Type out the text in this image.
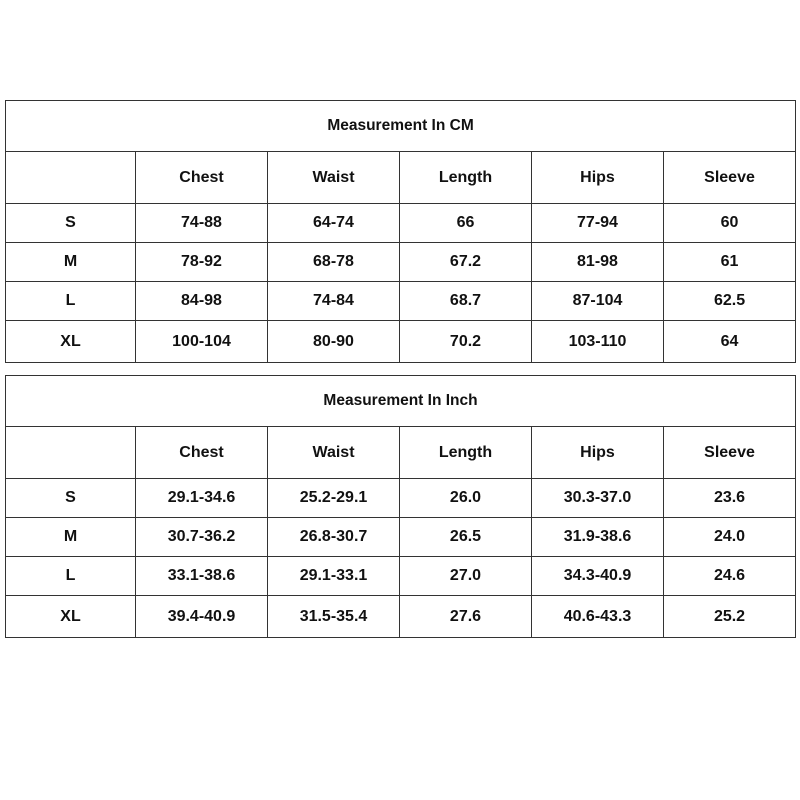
Measurement In CM					
	Chest	Waist	Length	Hips	Sleeve
S	74-88	64-74	66	77-94	60
M	78-92	68-78	67.2	81-98	61
L	84-98	74-84	68.7	87-104	62.5
XL	100-104	80-90	70.2	103-110	64
Measurement In Inch					
	Chest	Waist	Length	Hips	Sleeve
S	29.1-34.6	25.2-29.1	26.0	30.3-37.0	23.6
M	30.7-36.2	26.8-30.7	26.5	31.9-38.6	24.0
L	33.1-38.6	29.1-33.1	27.0	34.3-40.9	24.6
XL	39.4-40.9	31.5-35.4	27.6	40.6-43.3	25.2
